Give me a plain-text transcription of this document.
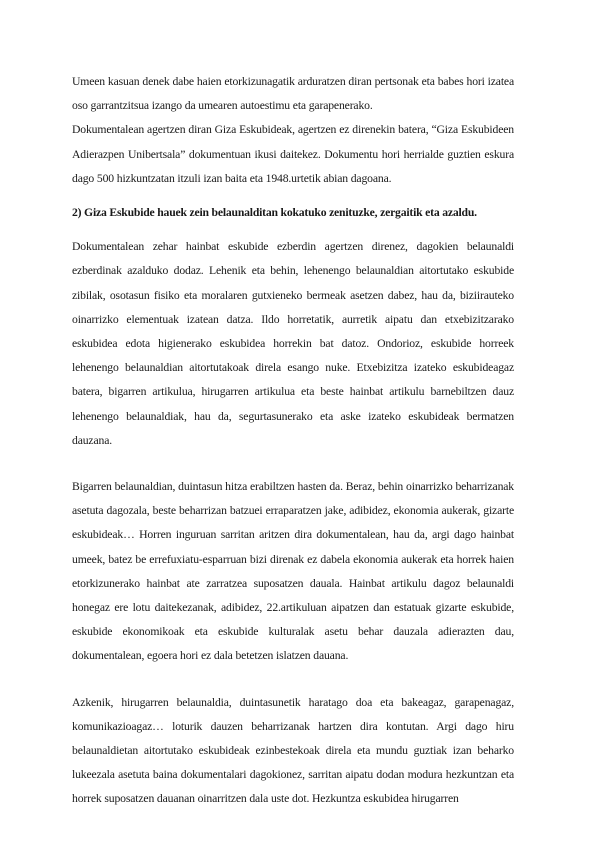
Umeen kasuan denek dabe haien etorkizunagatik arduratzen diran pertsonak eta babes hori izatea oso garrantzitsua izango da umearen autoestimu eta garapenerako.

Dokumentalean agertzen diran Giza Eskubideak, agertzen ez direnekin batera, “Giza Eskubideen Adierazpen Unibertsala” dokumentuan ikusi daitekez. Dokumentu hori herrialde guztien eskura dago 500 hizkuntzatan itzuli izan baita eta 1948.urtetik abian dagoana.

2) Giza Eskubide hauek zein belaunalditan kokatuko zenituzke, zergaitik eta azaldu.

Dokumentalean zehar hainbat eskubide ezberdin agertzen direnez, dagokien belaunaldi ezberdinak azalduko dodaz. Lehenik eta behin, lehenengo belaunaldian aitortutako eskubide zibilak, osotasun fisiko eta moralaren gutxieneko bermeak asetzen dabez, hau da, biziirauteko oinarrizko elementuak izatean datza. Ildo horretatik, aurretik aipatu dan etxebizitzarako eskubidea edota higienerako eskubidea horrekin bat datoz. Ondorioz, eskubide horreek lehenengo belaunaldian aitortutakoak direla esango nuke. Etxebizitza izateko eskubideagaz batera, bigarren artikulua, hirugarren artikulua eta beste hainbat artikulu barnebiltzen dauz lehenengo belaunaldiak, hau da, segurtasunerako eta aske izateko eskubideak bermatzen dauzana.

Bigarren belaunaldian, duintasun hitza erabiltzen hasten da. Beraz, behin oinarrizko beharrizanak asetuta dagozala, beste beharrizan batzuei erraparatzen jake, adibidez, ekonomia aukerak, gizarte eskubideak… Horren inguruan sarritan aritzen dira dokumentalean, hau da, argi dago hainbat umeek, batez be errefuxiatu-esparruan bizi direnak ez dabela ekonomia aukerak eta horrek haien etorkizunerako hainbat ate zarratzea suposatzen dauala. Hainbat artikulu dagoz belaunaldi honegaz ere lotu daitekezanak, adibidez, 22.artikuluan aipatzen dan estatuak gizarte eskubide, eskubide ekonomikoak eta eskubide kulturalak asetu behar dauzala adierazten dau, dokumentalean, egoera hori ez dala betetzen islatzen dauana.

Azkenik, hirugarren belaunaldia, duintasunetik haratago doa eta bakeagaz, garapenagaz, komunikazioagaz… loturik dauzen beharrizanak hartzen dira kontutan. Argi dago hiru belaunaldietan aitortutako eskubideak ezinbestekoak direla eta mundu guztiak izan beharko lukeezala asetuta baina dokumentalari dagokionez, sarritan aipatu dodan modura hezkuntzan eta horrek suposatzen dauanan oinarritzen dala uste dot. Hezkuntza eskubidea hirugarren
